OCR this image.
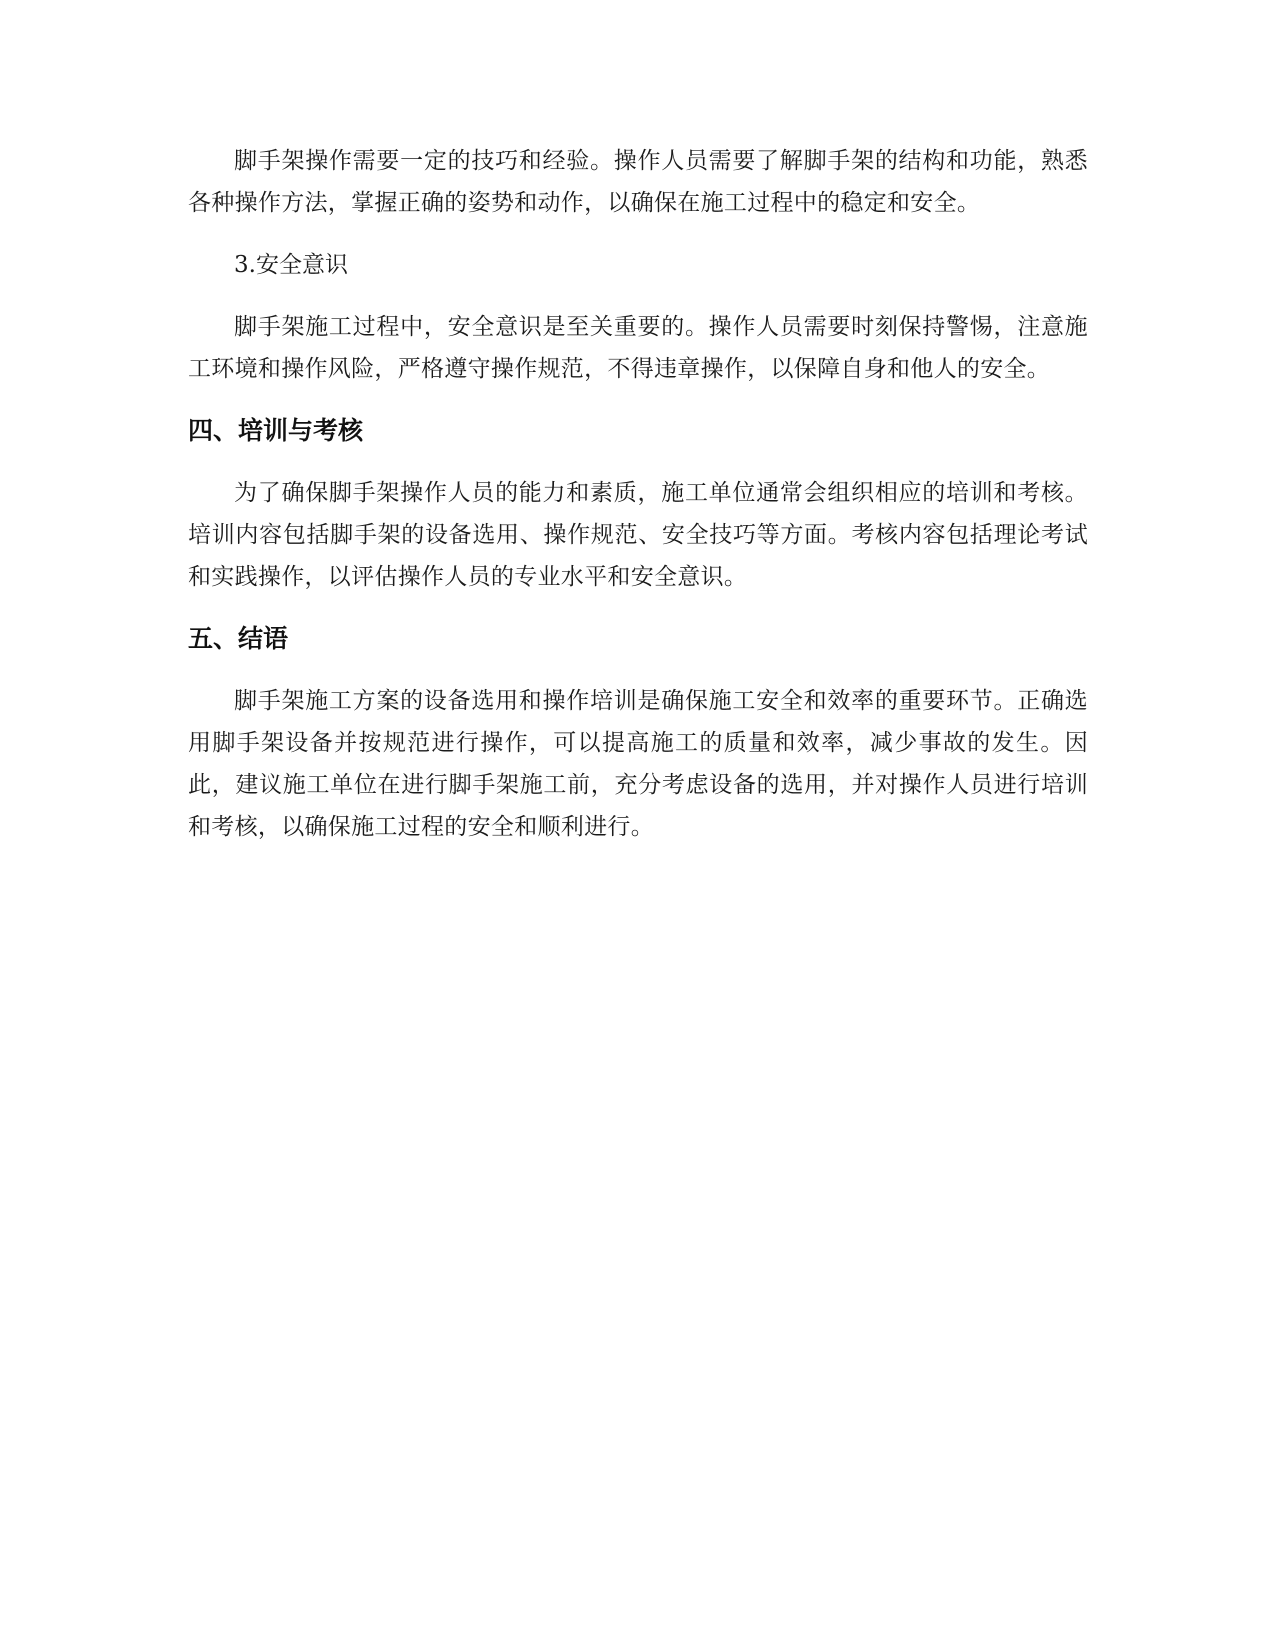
脚手架操作需要一定的技巧和经验。操作人员需要了解脚手架的结构和功能，熟悉各种操作方法，掌握正确的姿势和动作，以确保在施工过程中的稳定和安全。

3.安全意识

脚手架施工过程中，安全意识是至关重要的。操作人员需要时刻保持警惕，注意施工环境和操作风险，严格遵守操作规范，不得违章操作，以保障自身和他人的安全。

四、培训与考核

为了确保脚手架操作人员的能力和素质，施工单位通常会组织相应的培训和考核。培训内容包括脚手架的设备选用、操作规范、安全技巧等方面。考核内容包括理论考试和实践操作，以评估操作人员的专业水平和安全意识。

五、结语

脚手架施工方案的设备选用和操作培训是确保施工安全和效率的重要环节。正确选用脚手架设备并按规范进行操作，可以提高施工的质量和效率，减少事故的发生。因此，建议施工单位在进行脚手架施工前，充分考虑设备的选用，并对操作人员进行培训和考核，以确保施工过程的安全和顺利进行。
